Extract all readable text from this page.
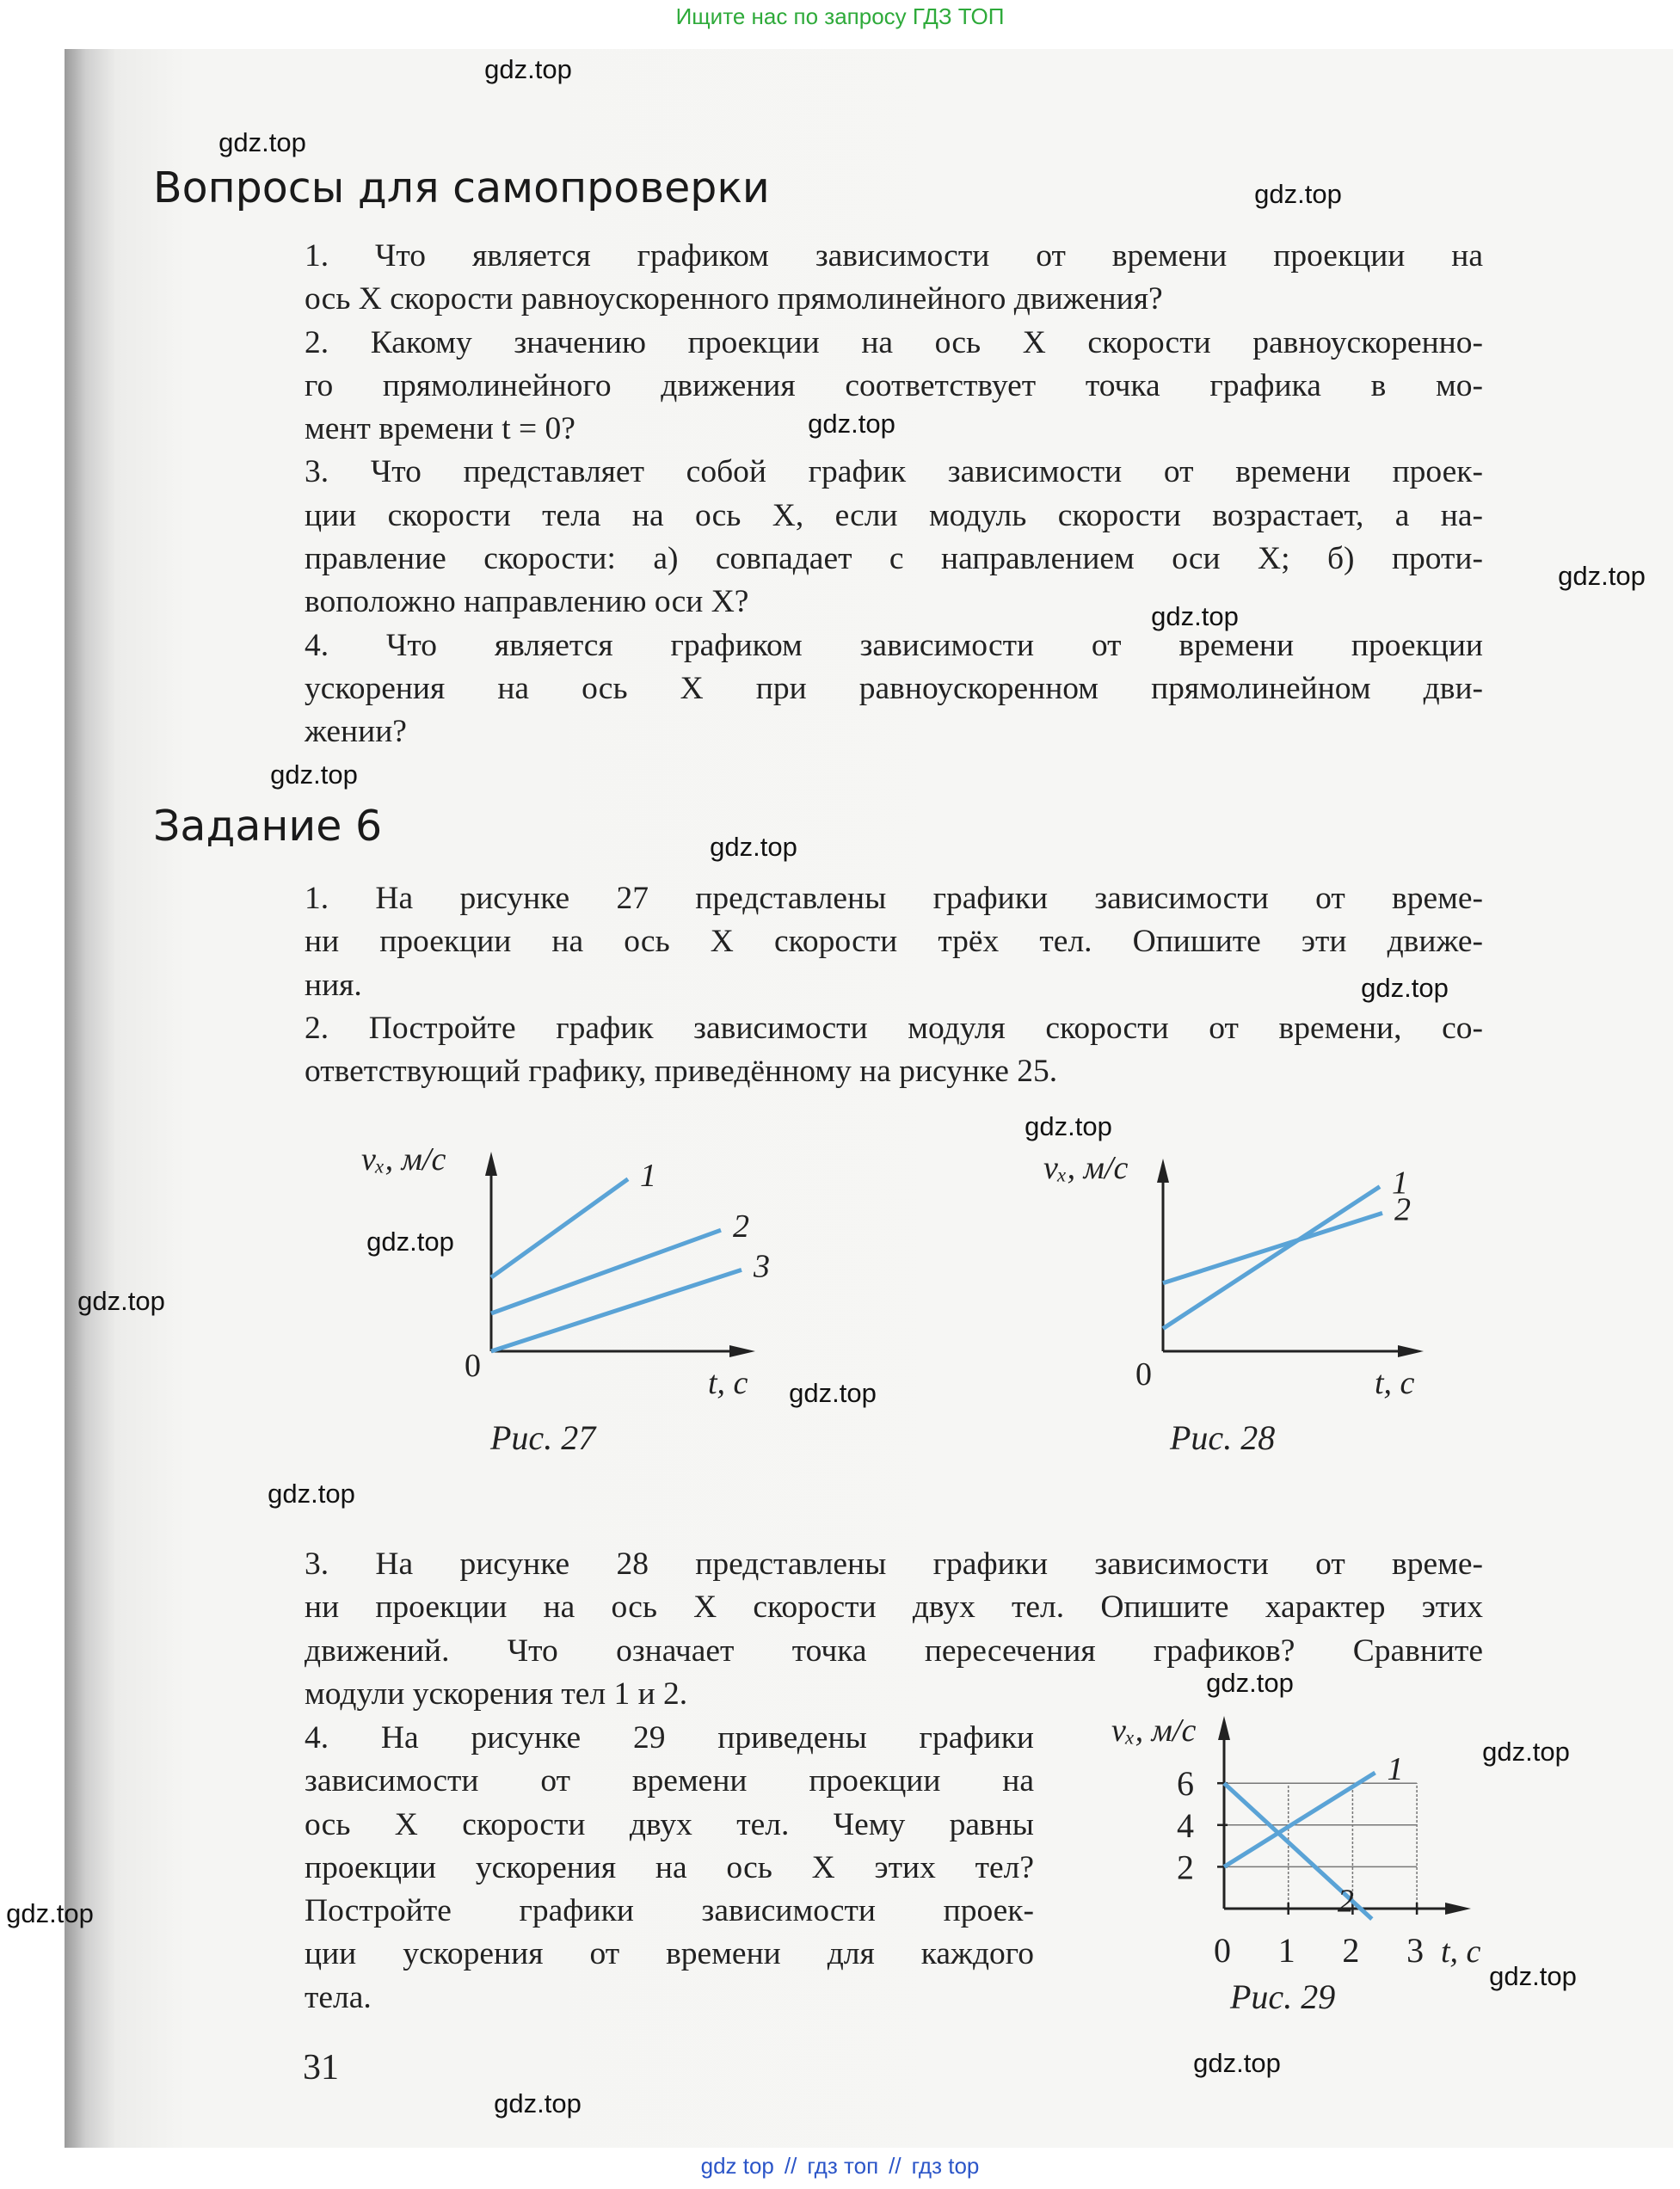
Ищите нас по запросу ГДЗ ТОП
Вопросы для самопроверки
1. Что является графиком зависимости от времени проекции на
ось X скорости равноускоренного прямолинейного движения?
2. Какому значению проекции на ось X скорости равноускоренно-
го прямолинейного движения соответствует точка графика в мо-
мент времени t = 0?
3. Что представляет собой график зависимости от времени проек-
ции скорости тела на ось X, если модуль скорости возрастает, а на-
правление скорости: а) совпадает с направлением оси X; б) проти-
воположно направлению оси X?
4. Что является графиком зависимости от времени проекции
ускорения на ось X при равноускоренном прямолинейном дви-
жении?
Задание 6
1. На рисунке 27 представлены графики зависимости от време-
ни проекции на ось X скорости трёх тел. Опишите эти движе-
ния.
2. Постройте график зависимости модуля скорости от времени, со-
ответствующий графику, приведённому на рисунке 25.
3. На рисунке 28 представлены графики зависимости от време-
ни проекции на ось X скорости двух тел. Опишите характер этих
движений. Что означает точка пересечения графиков? Сравните
модули ускорения тел 1 и 2.
4. На рисунке 29 приведены графики
зависимости от времени проекции на
ось X скорости двух тел. Чему равны
проекции ускорения на ось X этих тел?
Постройте графики зависимости проек-
ции ускорения от времени для каждого
тела.
1
2
3
vₓ, м/с
t, с
0
Рис. 27
1
2
vₓ, м/с
t, с
0
Рис. 28
0 1 2 3
2
4
6	1
2
vₓ, м/с
t, с
Рис. 29
31
gdz.top
gdz.top
gdz.top
gdz.top
gdz.top
gdz.top
gdz.top
gdz.top
gdz.top
gdz.top
gdz.top
gdz.top
gdz.top
gdz.top
gdz.top
gdz.top
gdz.top
gdz.top
gdz.top
gdz.top
gdz top // гдз топ // гдз top
